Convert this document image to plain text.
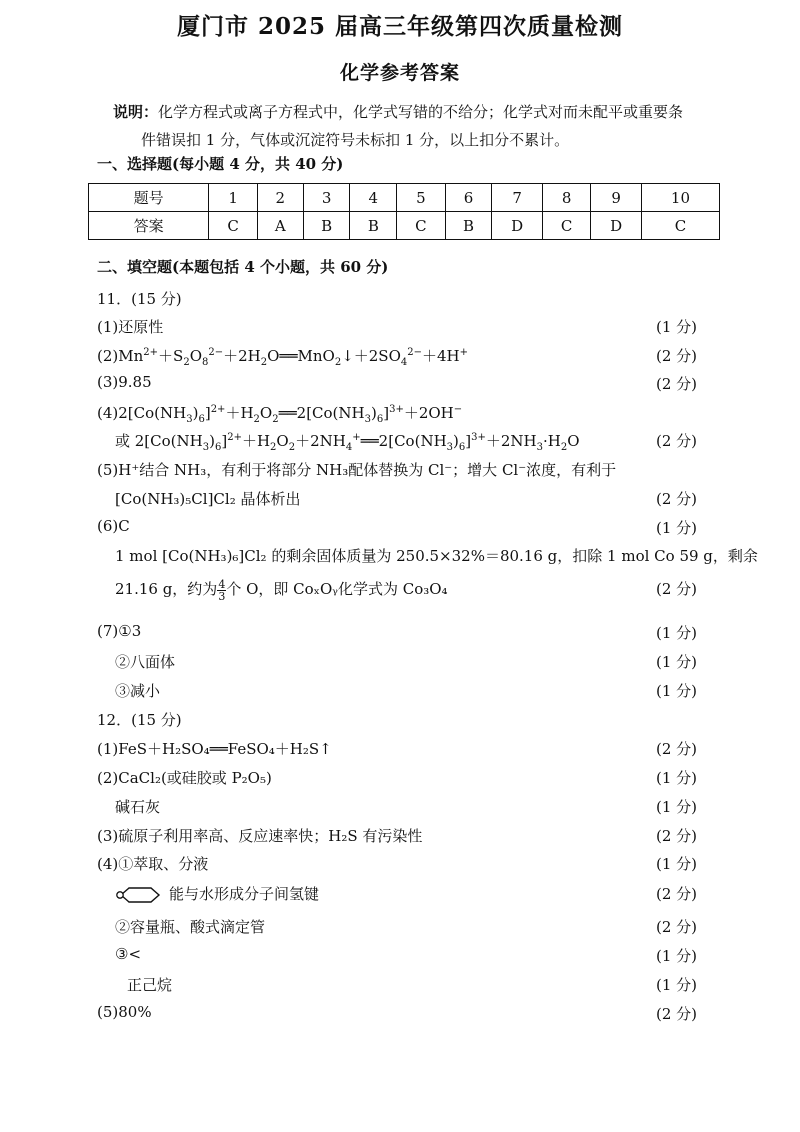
厦门市 2025 届高三年级第四次质量检测
化学参考答案
说明：化学方程式或离子方程式中，化学式写错的不给分；化学式对而未配平或重要条
件错误扣 1 分，气体或沉淀符号未标扣 1 分，以上扣分不累计。
一、选择题(每小题 4 分，共 40 分)
题号	1	2	3	4	5	6	7	8	9	10
答案	C	A	B	B	C	B	D	C	D	C
二、填空题(本题包括 4 个小题，共 60 分)
11．(15 分)
(1)还原性	(1 分)
$(2)Mn^{2+}+S_2O_8^{2-}+2H_2O══MnO_2↓+2SO_4^{2-}+4H^+$	(2 分)
(3)9.85	(2 分)
$(4)2[Co(NH_3)_6]^{2+}+H_2O_2══2[Co(NH_3)_6]^{3+}+2OH^-$
或 $2[Co(NH_3)_6]^{2+}+H_2O_2+2NH_4^+══2[Co(NH_3)_6]^{3+}+2NH_3\cdot H_2O$	(2 分)
(5)H⁺结合 NH₃，有利于将部分 NH₃配体替换为 Cl⁻；增大 Cl⁻浓度，有利于
[Co(NH₃)₅Cl]Cl₂ 晶体析出	(2 分)
(6)C	(1 分)
1 mol [Co(NH₃)₆]Cl₂ 的剩余固体质量为 250.5×32%＝80.16 g，扣除 1 mol Co 59 g，剩余
21.16 g，约为 $\frac{4}{3}$ 个 O，即 CoₓOᵧ化学式为 Co₃O₄	(2 分)
(7)①3	(1 分)
②八面体	(1 分)
③减小	(1 分)
12．(15 分)
(1)FeS＋H₂SO₄══FeSO₄＋H₂S↑	(2 分)
(2)CaCl₂(或硅胶或 P₂O₅)	(1 分)
碱石灰	(1 分)
(3)硫原子利用率高、反应速率快；H₂S 有污染性	(2 分)
(4)①萃取、分液	(1 分)
能与水形成分子间氢键	(2 分)
②容量瓶、酸式滴定管	(2 分)
③<	(1 分)
正己烷	(1 分)
(5)80%	(2 分)
